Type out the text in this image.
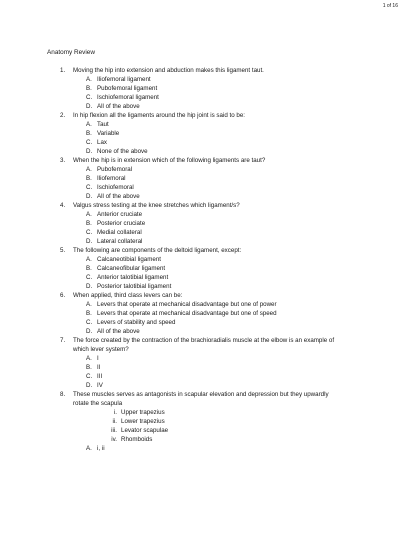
1 of 16
Anatomy Review
1.	Moving the hip into extension and abduction makes this ligament taut.
A. Iliofemoral ligament
B. Pubofemoral ligament
C. Ischiofemoral ligament
D. All of the above
2.	In hip flexion all the ligaments around the hip joint is said to be:
A. Taut
B. Variable
C. Lax
D. None of the above
3.	When the hip is in extension which of the following ligaments are taut?
A. Pubofemoral
B. Iliofemoral
C. Ischiofemoral
D. All of the above
4.	Valgus stress testing at the knee stretches which ligament/s?
A. Anterior cruciate
B. Posterior cruciate
C. Medial collateral
D. Lateral collateral
5.	The following are components of the deltoid ligament, except:
A. Calcaneotibial ligament
B. Calcaneofibular ligament
C. Anterior talotibial ligament
D. Posterior talotibial ligament
6.	When applied, third class levers can be:
A. Levers that operate at mechanical disadvantage but one of power
B. Levers that operate at mechanical disadvantage but one of speed
C. Levers of stability and speed
D. All of the above
7.	The force created by the contraction of the brachioradialis muscle at the elbow is an example of
which lever system?
A. I
B. II
C. III
D. IV
8.	These muscles serves as antagonists in scapular elevation and depression but they upwardly
rotate the scapula
i. Upper trapezius
ii. Lower trapezius
iii. Levator scapulae
iv. Rhomboids
A. i, ii
